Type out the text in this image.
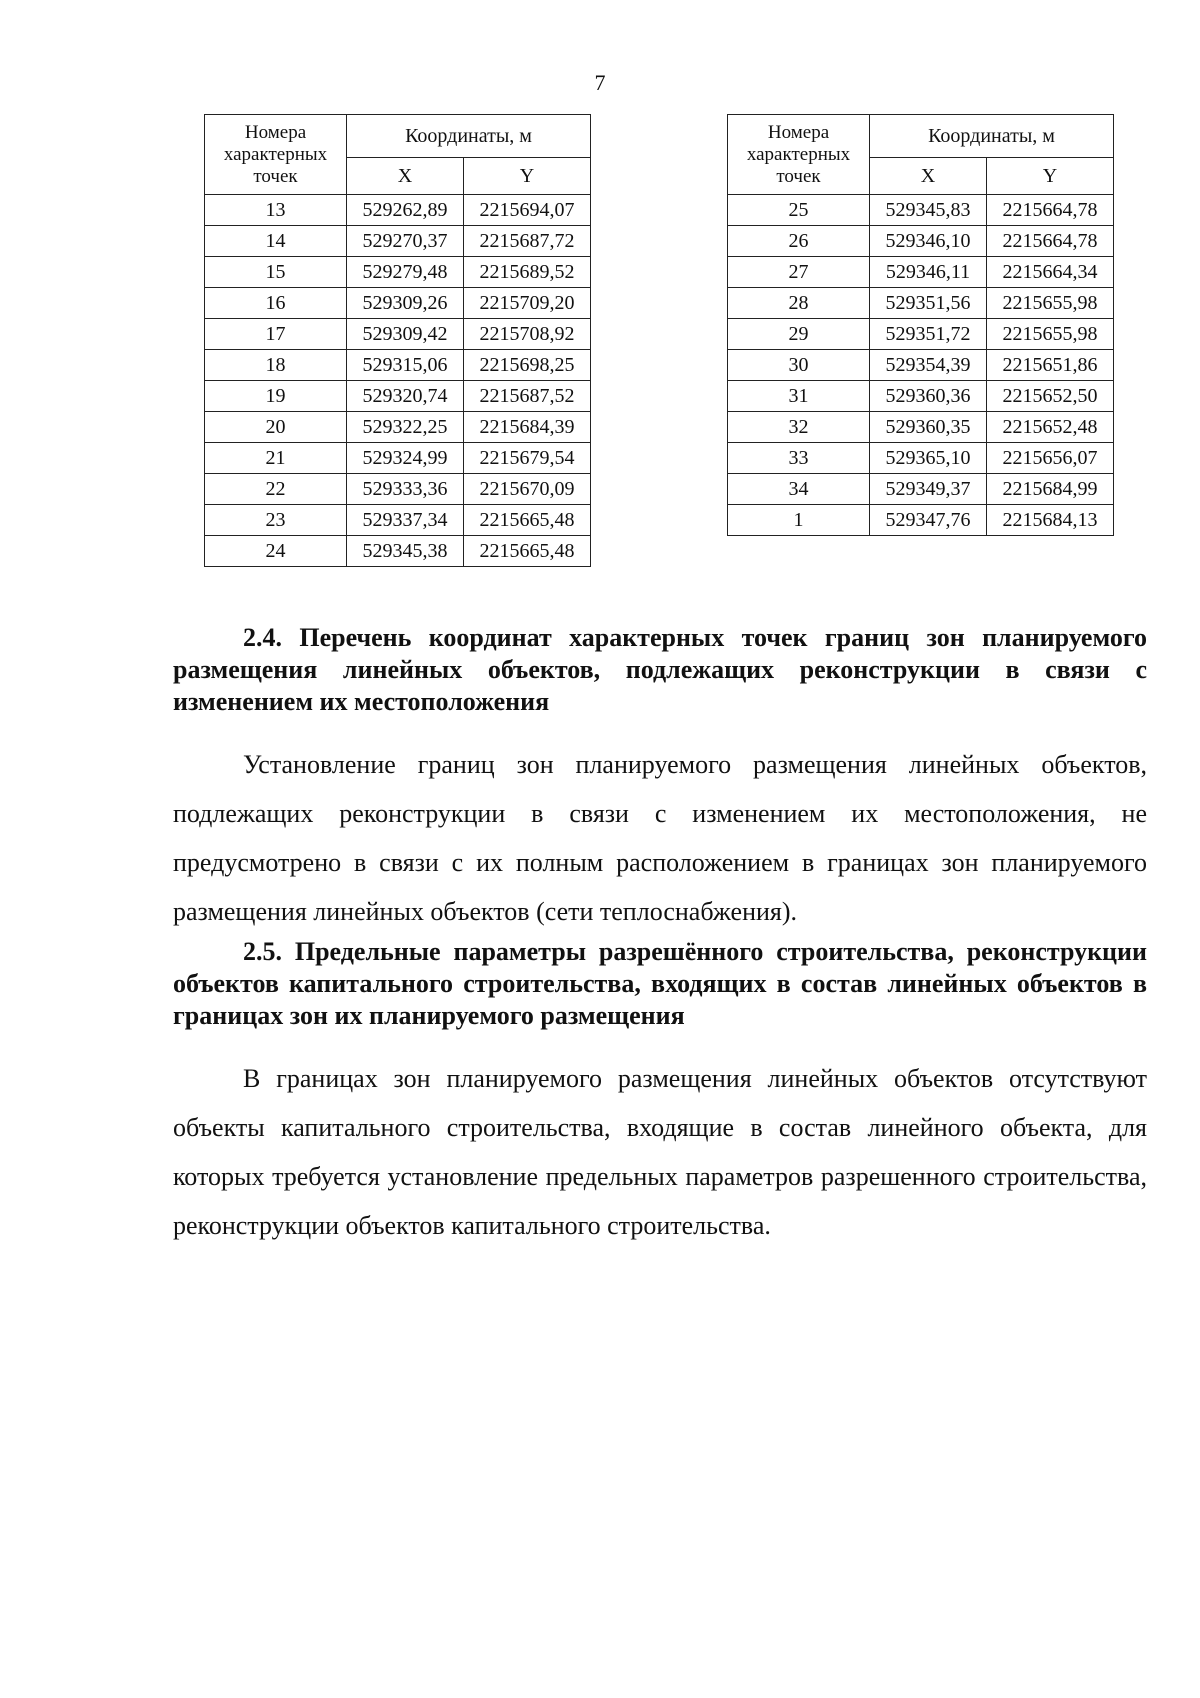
7
Номера характерных точек	Координаты, м	
	X	Y
13	529262,89	2215694,07
14	529270,37	2215687,72
15	529279,48	2215689,52
16	529309,26	2215709,20
17	529309,42	2215708,92
18	529315,06	2215698,25
19	529320,74	2215687,52
20	529322,25	2215684,39
21	529324,99	2215679,54
22	529333,36	2215670,09
23	529337,34	2215665,48
24	529345,38	2215665,48
Номера характерных точек	Координаты, м	
	X	Y
25	529345,83	2215664,78
26	529346,10	2215664,78
27	529346,11	2215664,34
28	529351,56	2215655,98
29	529351,72	2215655,98
30	529354,39	2215651,86
31	529360,36	2215652,50
32	529360,35	2215652,48
33	529365,10	2215656,07
34	529349,37	2215684,99
1	529347,76	2215684,13

2.4. Перечень координат характерных точек границ зон планируемого размещения линейных объектов, подлежащих реконструкции в связи с изменением их местоположения

Установление границ зон планируемого размещения линейных объектов, подлежащих реконструкции в связи с изменением их местоположения, не предусмотрено в связи с их полным расположением в границах зон планируемого размещения линейных объектов (сети теплоснабжения).

2.5. Предельные параметры разрешённого строительства, реконструкции объектов капитального строительства, входящих в состав линейных объектов в границах зон их планируемого размещения

В границах зон планируемого размещения линейных объектов отсутствуют объекты капитального строительства, входящие в состав линейного объекта, для которых требуется установление предельных параметров разрешенного строительства, реконструкции объектов капитального строительства.
